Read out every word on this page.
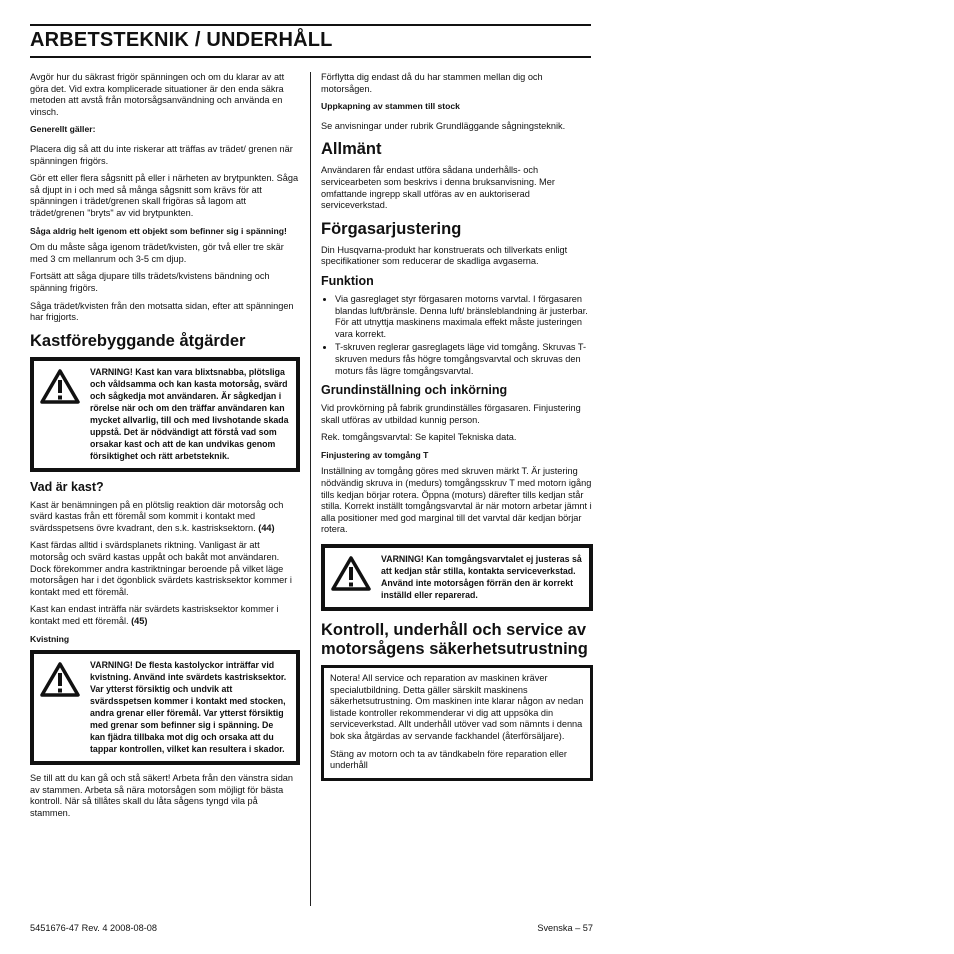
ARBETSTEKNIK / UNDERHÅLL

Avgör hur du säkrast frigör spänningen och om du klarar av att göra det. Vid extra komplicerade situationer är den enda säkra metoden att avstå från motorsågsanvändning och använda en vinsch.

Generellt gäller:

Placera dig så att du inte riskerar att träffas av trädet/ grenen när spänningen frigörs.

Gör ett eller flera sågsnitt på eller i närheten av brytpunkten. Såga så djupt in i och med så många sågsnitt som krävs för att spänningen i trädet/grenen skall frigöras så lagom att trädet/grenen "bryts" av vid brytpunkten.

Såga aldrig helt igenom ett objekt som befinner sig i spänning!

Om du måste såga igenom trädet/kvisten, gör två eller tre skär med 3 cm mellanrum och 3-5 cm djup.

Fortsätt att såga djupare tills trädets/kvistens bändning och spänning frigörs.

Såga trädet/kvisten från den motsatta sidan, efter att spänningen har frigjorts.

Kastförebyggande åtgärder
VARNING! Kast kan vara blixtsnabba, plötsliga och våldsamma och kan kasta motorsåg, svärd och sågkedja mot användaren. Är sågkedjan i rörelse när och om den träffar användaren kan mycket allvarlig, till och med livshotande skada uppstå. Det är nödvändigt att förstå vad som orsakar kast och att de kan undvikas genom försiktighet och rätt arbetsteknik.
Vad är kast?

Kast är benämningen på en plötslig reaktion där motorsåg och svärd kastas från ett föremål som kommit i kontakt med svärdsspetsens övre kvadrant, den s.k. kastrisksektorn. (44)

Kast färdas alltid i svärdsplanets riktning. Vanligast är att motorsåg och svärd kastas uppåt och bakåt mot användaren. Dock förekommer andra kastriktningar beroende på vilket läge motorsågen har i det ögonblick svärdets kastrisksektor kommer i kontakt med ett föremål.

Kast kan endast inträffa när svärdets kastrisksektor kommer i kontakt med ett föremål. (45)

Kvistning

VARNING! De flesta kastolyckor inträffar vid kvistning. Använd inte svärdets kastrisksektor. Var ytterst försiktig och undvik att svärdsspetsen kommer i kontakt med stocken, andra grenar eller föremål. Var ytterst försiktig med grenar som befinner sig i spänning. De kan fjädra tillbaka mot dig och orsaka att du tappar kontrollen, vilket kan resultera i skador.

Se till att du kan gå och stå säkert! Arbeta från den vänstra sidan av stammen. Arbeta så nära motorsågen som möjligt för bästa kontroll. När så tillåtes skall du låta sågens tyngd vila på stammen.

Förflytta dig endast då du har stammen mellan dig och motorsågen.

Uppkapning av stammen till stock

Se anvisningar under rubrik Grundläggande sågningsteknik.

Allmänt

Användaren får endast utföra sådana underhålls- och servicearbeten som beskrivs i denna bruksanvisning. Mer omfattande ingrepp skall utföras av en auktoriserad serviceverkstad.

Förgasarjustering

Din Husqvarna-produkt har konstruerats och tillverkats enligt specifikationer som reducerar de skadliga avgaserna.

Funktion
• Via gasreglaget styr förgasaren motorns varvtal. I förgasaren blandas luft/bränsle. Denna luft/ bränsleblandning är justerbar. För att utnyttja maskinens maximala effekt måste justeringen vara korrekt.
• T-skruven reglerar gasreglagets läge vid tomgång. Skruvas T-skruven medurs fås högre tomgångsvarvtal och skruvas den moturs fås lägre tomgångsvarvtal.
Grundinställning och inkörning

Vid provkörning på fabrik grundinställes förgasaren. Finjustering skall utföras av utbildad kunnig person.

Rek. tomgångsvarvtal: Se kapitel Tekniska data.

Finjustering av tomgång T

Inställning av tomgång göres med skruven märkt T. Är justering nödvändig skruva in (medurs) tomgångsskruv T med motorn igång tills kedjan börjar rotera. Öppna (moturs) därefter tills kedjan står stilla. Korrekt inställt tomgångsvarvtal är när motorn arbetar jämnt i alla positioner med god marginal till det varvtal där kedjan börjar rotera.

VARNING! Kan tomgångsvarvtalet ej justeras så att kedjan står stilla, kontakta serviceverkstad. Använd inte motorsågen förrän den är korrekt inställd eller reparerad.
Kontroll, underhåll och service av motorsågens säkerhetsutrustning

Notera! All service och reparation av maskinen kräver specialutbildning. Detta gäller särskilt maskinens säkerhetsutrustning. Om maskinen inte klarar någon av nedan listade kontroller rekommenderar vi dig att uppsöka din serviceverkstad. Allt underhåll utöver vad som nämnts i denna bok ska åtgärdas av servande fackhandel (återförsäljare).

Stäng av motorn och ta av tändkabeln före reparation eller underhåll

5451676-47 Rev. 4 2008-08-08	Svenska – 57
